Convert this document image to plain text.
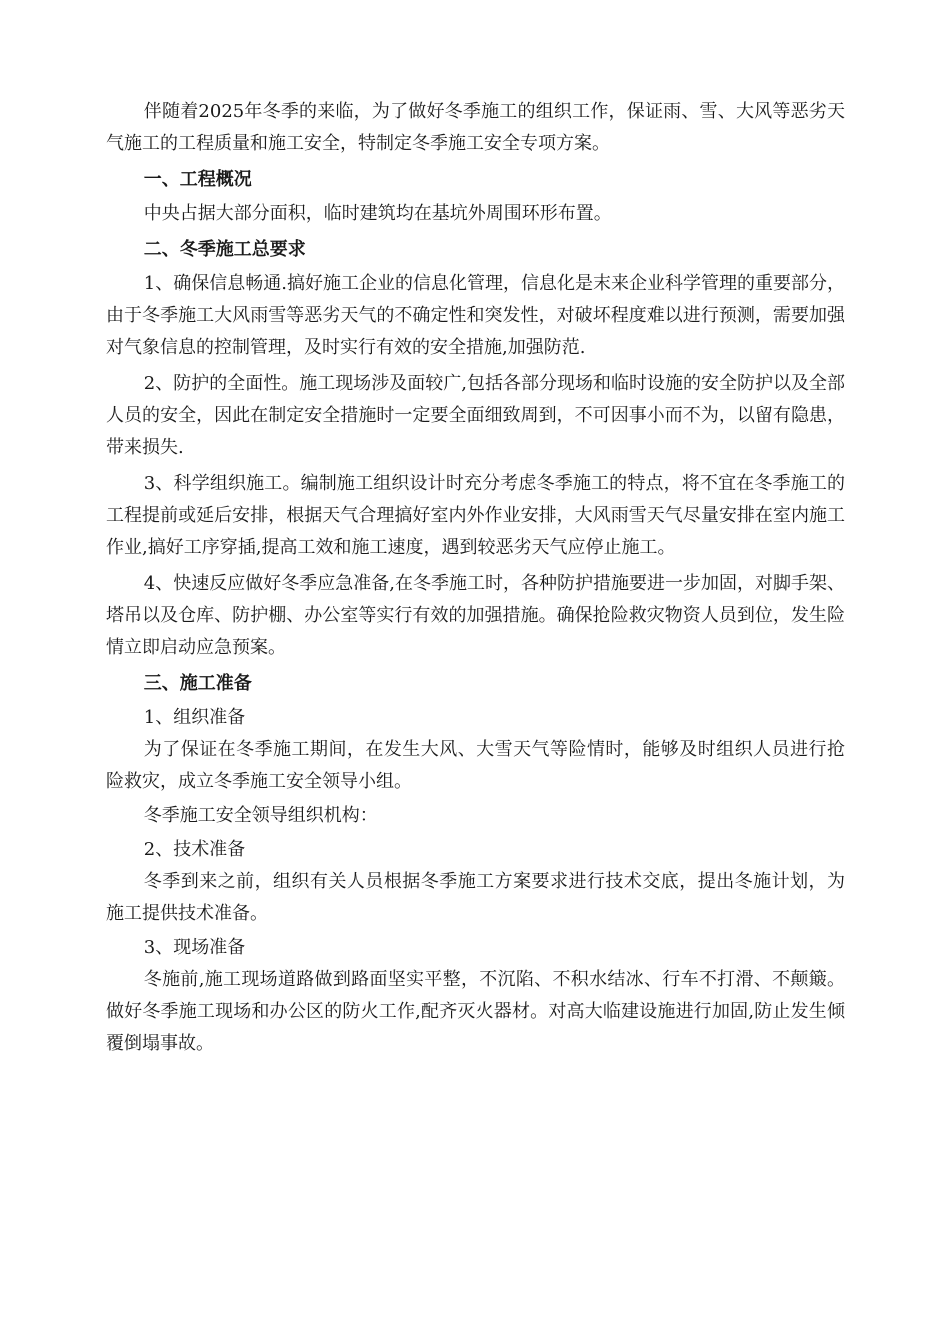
伴随着2025年冬季的来临，为了做好冬季施工的组织工作，保证雨、雪、大风等恶劣天气施工的工程质量和施工安全，特制定冬季施工安全专项方案。

一、工程概况

中央占据大部分面积，临时建筑均在基坑外周围环形布置。

二、冬季施工总要求

1、确保信息畅通.搞好施工企业的信息化管理，信息化是末来企业科学管理的重要部分，由于冬季施工大风雨雪等恶劣天气的不确定性和突发性，对破坏程度难以进行预测，需要加强对气象信息的控制管理，及时实行有效的安全措施,加强防范.

2、防护的全面性。施工现场涉及面较广,包括各部分现场和临时设施的安全防护以及全部人员的安全，因此在制定安全措施时一定要全面细致周到，不可因事小而不为，以留有隐患，带来损失.

3、科学组织施工。编制施工组织设计时充分考虑冬季施工的特点，将不宜在冬季施工的工程提前或延后安排，根据天气合理搞好室内外作业安排，大风雨雪天气尽量安排在室内施工作业,搞好工序穿插,提高工效和施工速度，遇到较恶劣天气应停止施工。

4、快速反应做好冬季应急准备,在冬季施工时，各种防护措施要进一步加固，对脚手架、塔吊以及仓库、防护棚、办公室等实行有效的加强措施。确保抢险救灾物资人员到位，发生险情立即启动应急预案。

三、施工准备

1、组织准备

为了保证在冬季施工期间，在发生大风、大雪天气等险情时，能够及时组织人员进行抢险救灾，成立冬季施工安全领导小组。

冬季施工安全领导组织机构：

2、技术准备

冬季到来之前，组织有关人员根据冬季施工方案要求进行技术交底，提出冬施计划，为施工提供技术准备。

3、现场准备

冬施前,施工现场道路做到路面坚实平整，不沉陷、不积水结冰、行车不打滑、不颠簸。做好冬季施工现场和办公区的防火工作,配齐灭火器材。对高大临建设施进行加固,防止发生倾覆倒塌事故。
